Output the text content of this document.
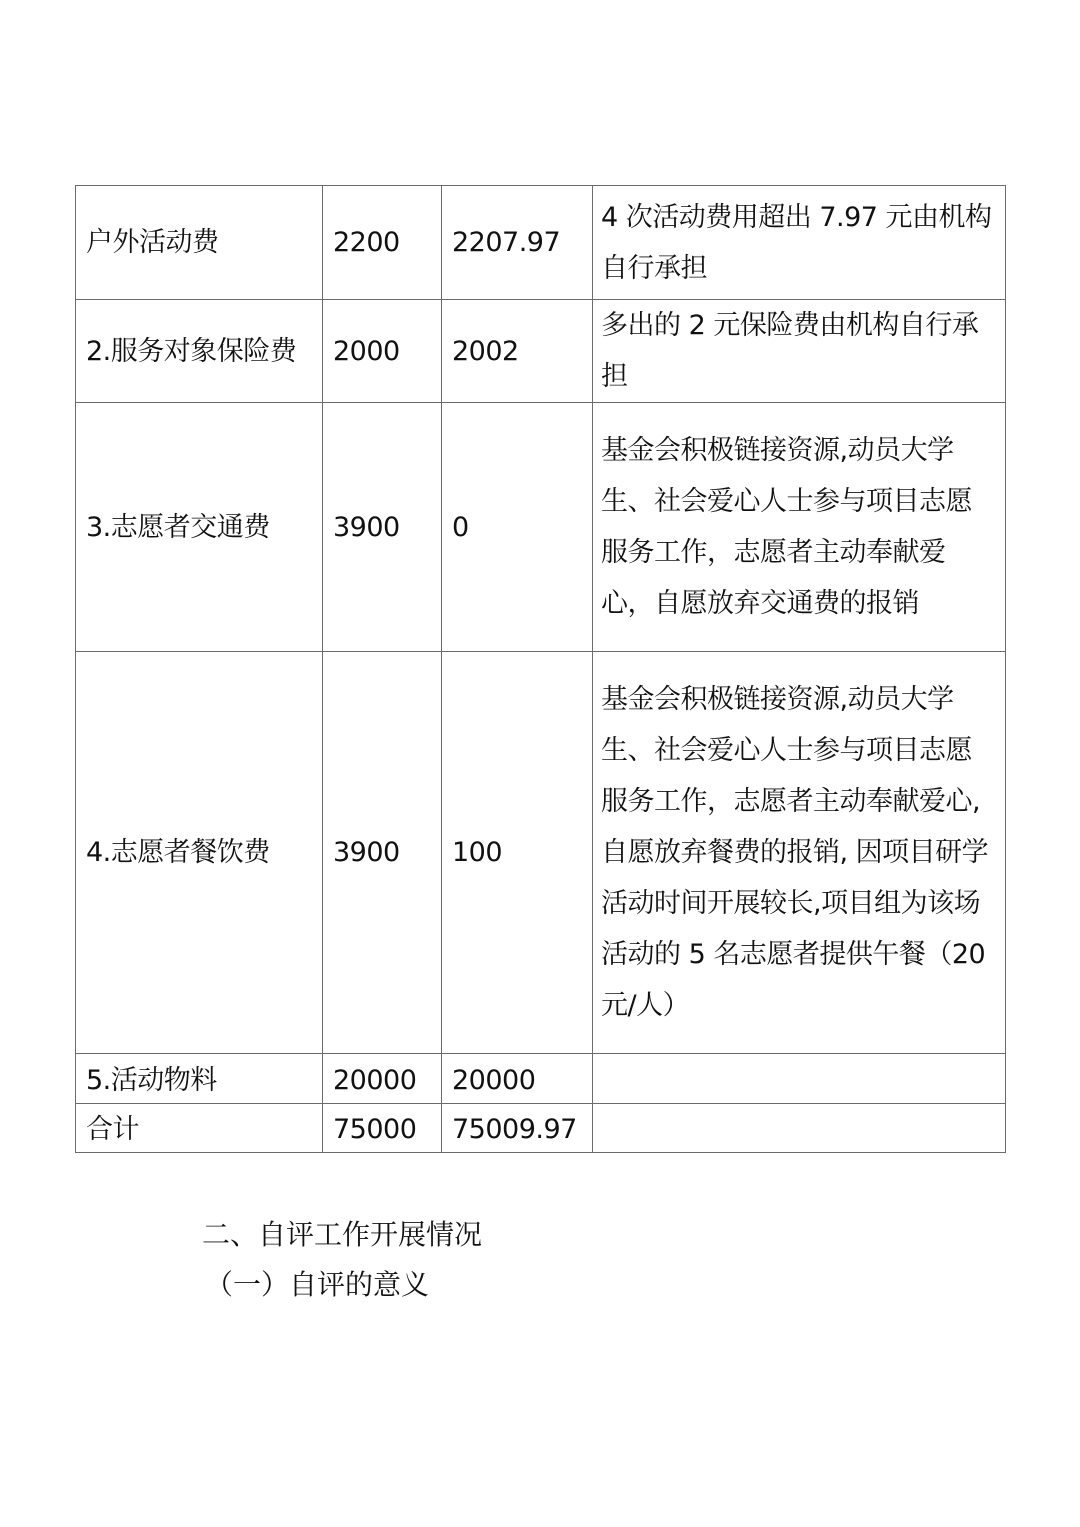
户外活动费	2200	2207.97	4 次活动费用超出 7.97 元由机构自行承担
2.服务对象保险费	2000	2002	多出的 2 元保险费由机构自行承担
3.志愿者交通费	3900	0	基金会积极链接资源,动员大学生、社会爱心人士参与项目志愿服务工作，志愿者主动奉献爱心，自愿放弃交通费的报销
4.志愿者餐饮费	3900	100	基金会积极链接资源,动员大学生、社会爱心人士参与项目志愿服务工作，志愿者主动奉献爱心, 自愿放弃餐费的报销, 因项目研学活动时间开展较长,项目组为该场活动的 5 名志愿者提供午餐（20 元/人）
5.活动物料	20000	20000	
合计	75000	75009.97	
二、自评工作开展情况
（一）自评的意义
